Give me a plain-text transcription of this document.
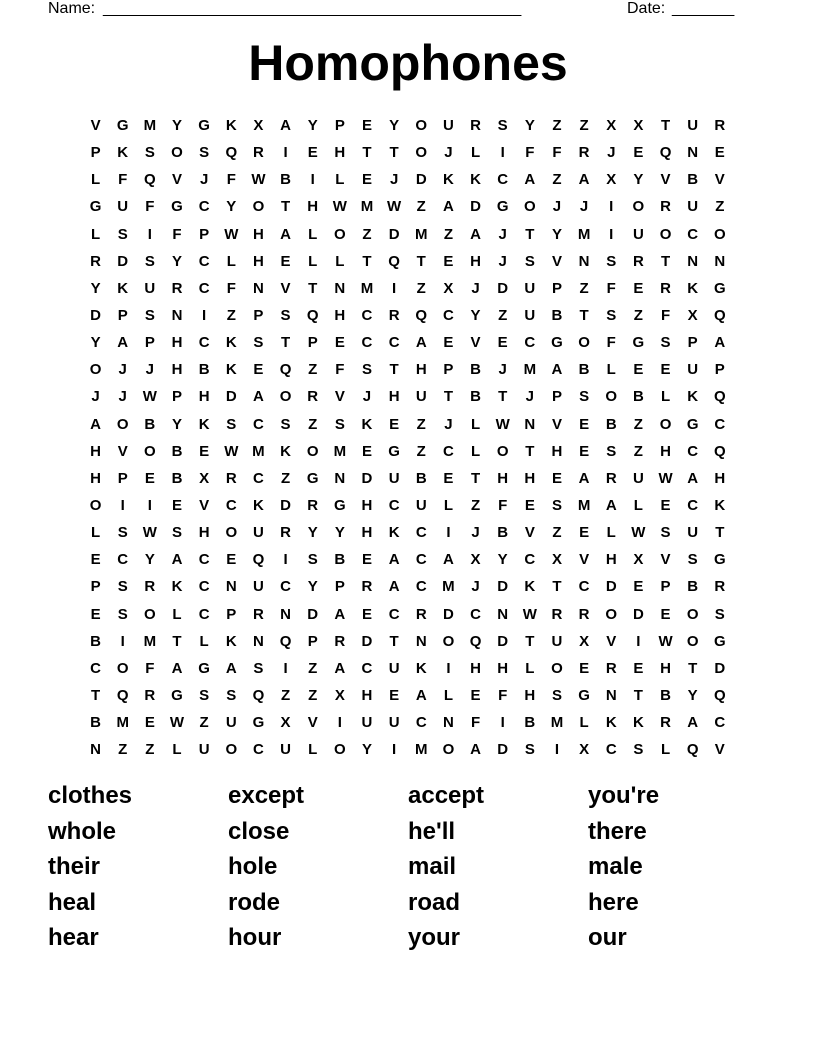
Name: _______________________________________________	Date: _______
Homophones
V	G	M	Y	G	K	X	A	Y	P	E	Y	O	U	R	S	Y	Z	Z	X	X	T	U	R
P	K	S	O	S	Q	R	I	E	H	T	T	O	J	L	I	F	F	R	J	E	Q	N	E
L	F	Q	V	J	F	W B	I	L	E	J	D	K	K	C	A	Z	A	X	Y	V	B	V
G	U	F	G	C	Y	O	T	H W M W	Z	A	D	G	O	J	J	I	O	R	U	Z
L	S	I	F	P	W H	A	L	O	Z	D	M	Z	A	J	T	Y	M	I	U	O	C	O
R	D	S	Y	C	L	H	E	L	L	T	Q	T	E	H	J	S	V	N	S	R	T	N	N
Y	K	U	R	C	F	N	V	T	N	M	I	Z	X	J	D	U	P	Z	F	E	R	K	G
D	P	S	N	I	Z	P	S	Q	H	C	R	Q	C	Y	Z	U	B	T	S	Z	F	X	Q
Y	A	P	H	C	K	S	T	P	E	C	C	A	E	V	E	C	G	O	F	G	S	P	A
O	J	J	H	B	K	E	Q	Z	F	S	T	H	P	B	J	M	A	B	L	E	E	U	P
J	J	W	P	H	D	A	O	R	V	J	H	U	T	B	T	J	P	S	O	B	L	K	Q
A	O	B	Y	K	S	C	S	Z	S	K	E	Z	J	L	W N	V	E	B	Z	O	G	C
H	V	O	B	E	W M	K	O	M	E	G	Z	C	L	O	T	H	E	S	Z	H	C	Q
H	P	E	B	X	R	C	Z	G	N	D	U	B	E	T	H	H	E	A	R	U W A	H
O	I	I	E	V	C	K	D	R	G	H	C	U	L	Z	F	E	S	M	A	L	E	C	K
L	S	W	S	H	O	U	R	Y	Y	H	K	C	I	J	B	V	Z	E	L	W	S	U	T
E	C	Y	A	C	E	Q	I	S	B	E	A	C	A	X	Y	C	X	V	H	X	V	S	G
P	S	R	K	C	N	U	C	Y	P	R	A	C	M	J	D	K	T	C	D	E	P	B	R
E	S	O	L	C	P	R	N	D	A	E	C	R	D	C	N W R	R	O	D	E	O	S
B	I	M	T	L	K	N	Q	P	R	D	T	N	O	Q	D	T	U	X	V	I	W O	G
C	O	F	A	G	A	S	I	Z	A	C	U	K	I	H	H	L	O	E	R	E	H	T	D
T	Q	R	G	S	S	Q	Z	Z	X	H	E	A	L	E	F	H	S	G	N	T	B	Y	Q
B	M	E	W	Z	U	G	X	V	I	U	U	C	N	F	I	B	M	L	K	K	R	A	C
N	Z	Z	L	U	O	C	U	L	O	Y	I	M	O	A	D	S	I	X	C	S	L	Q	V
clothes	except	accept	you're
whole	close	he'll	there
their	hole	mail	male
heal	rode	road	here
hear	hour	your	our
